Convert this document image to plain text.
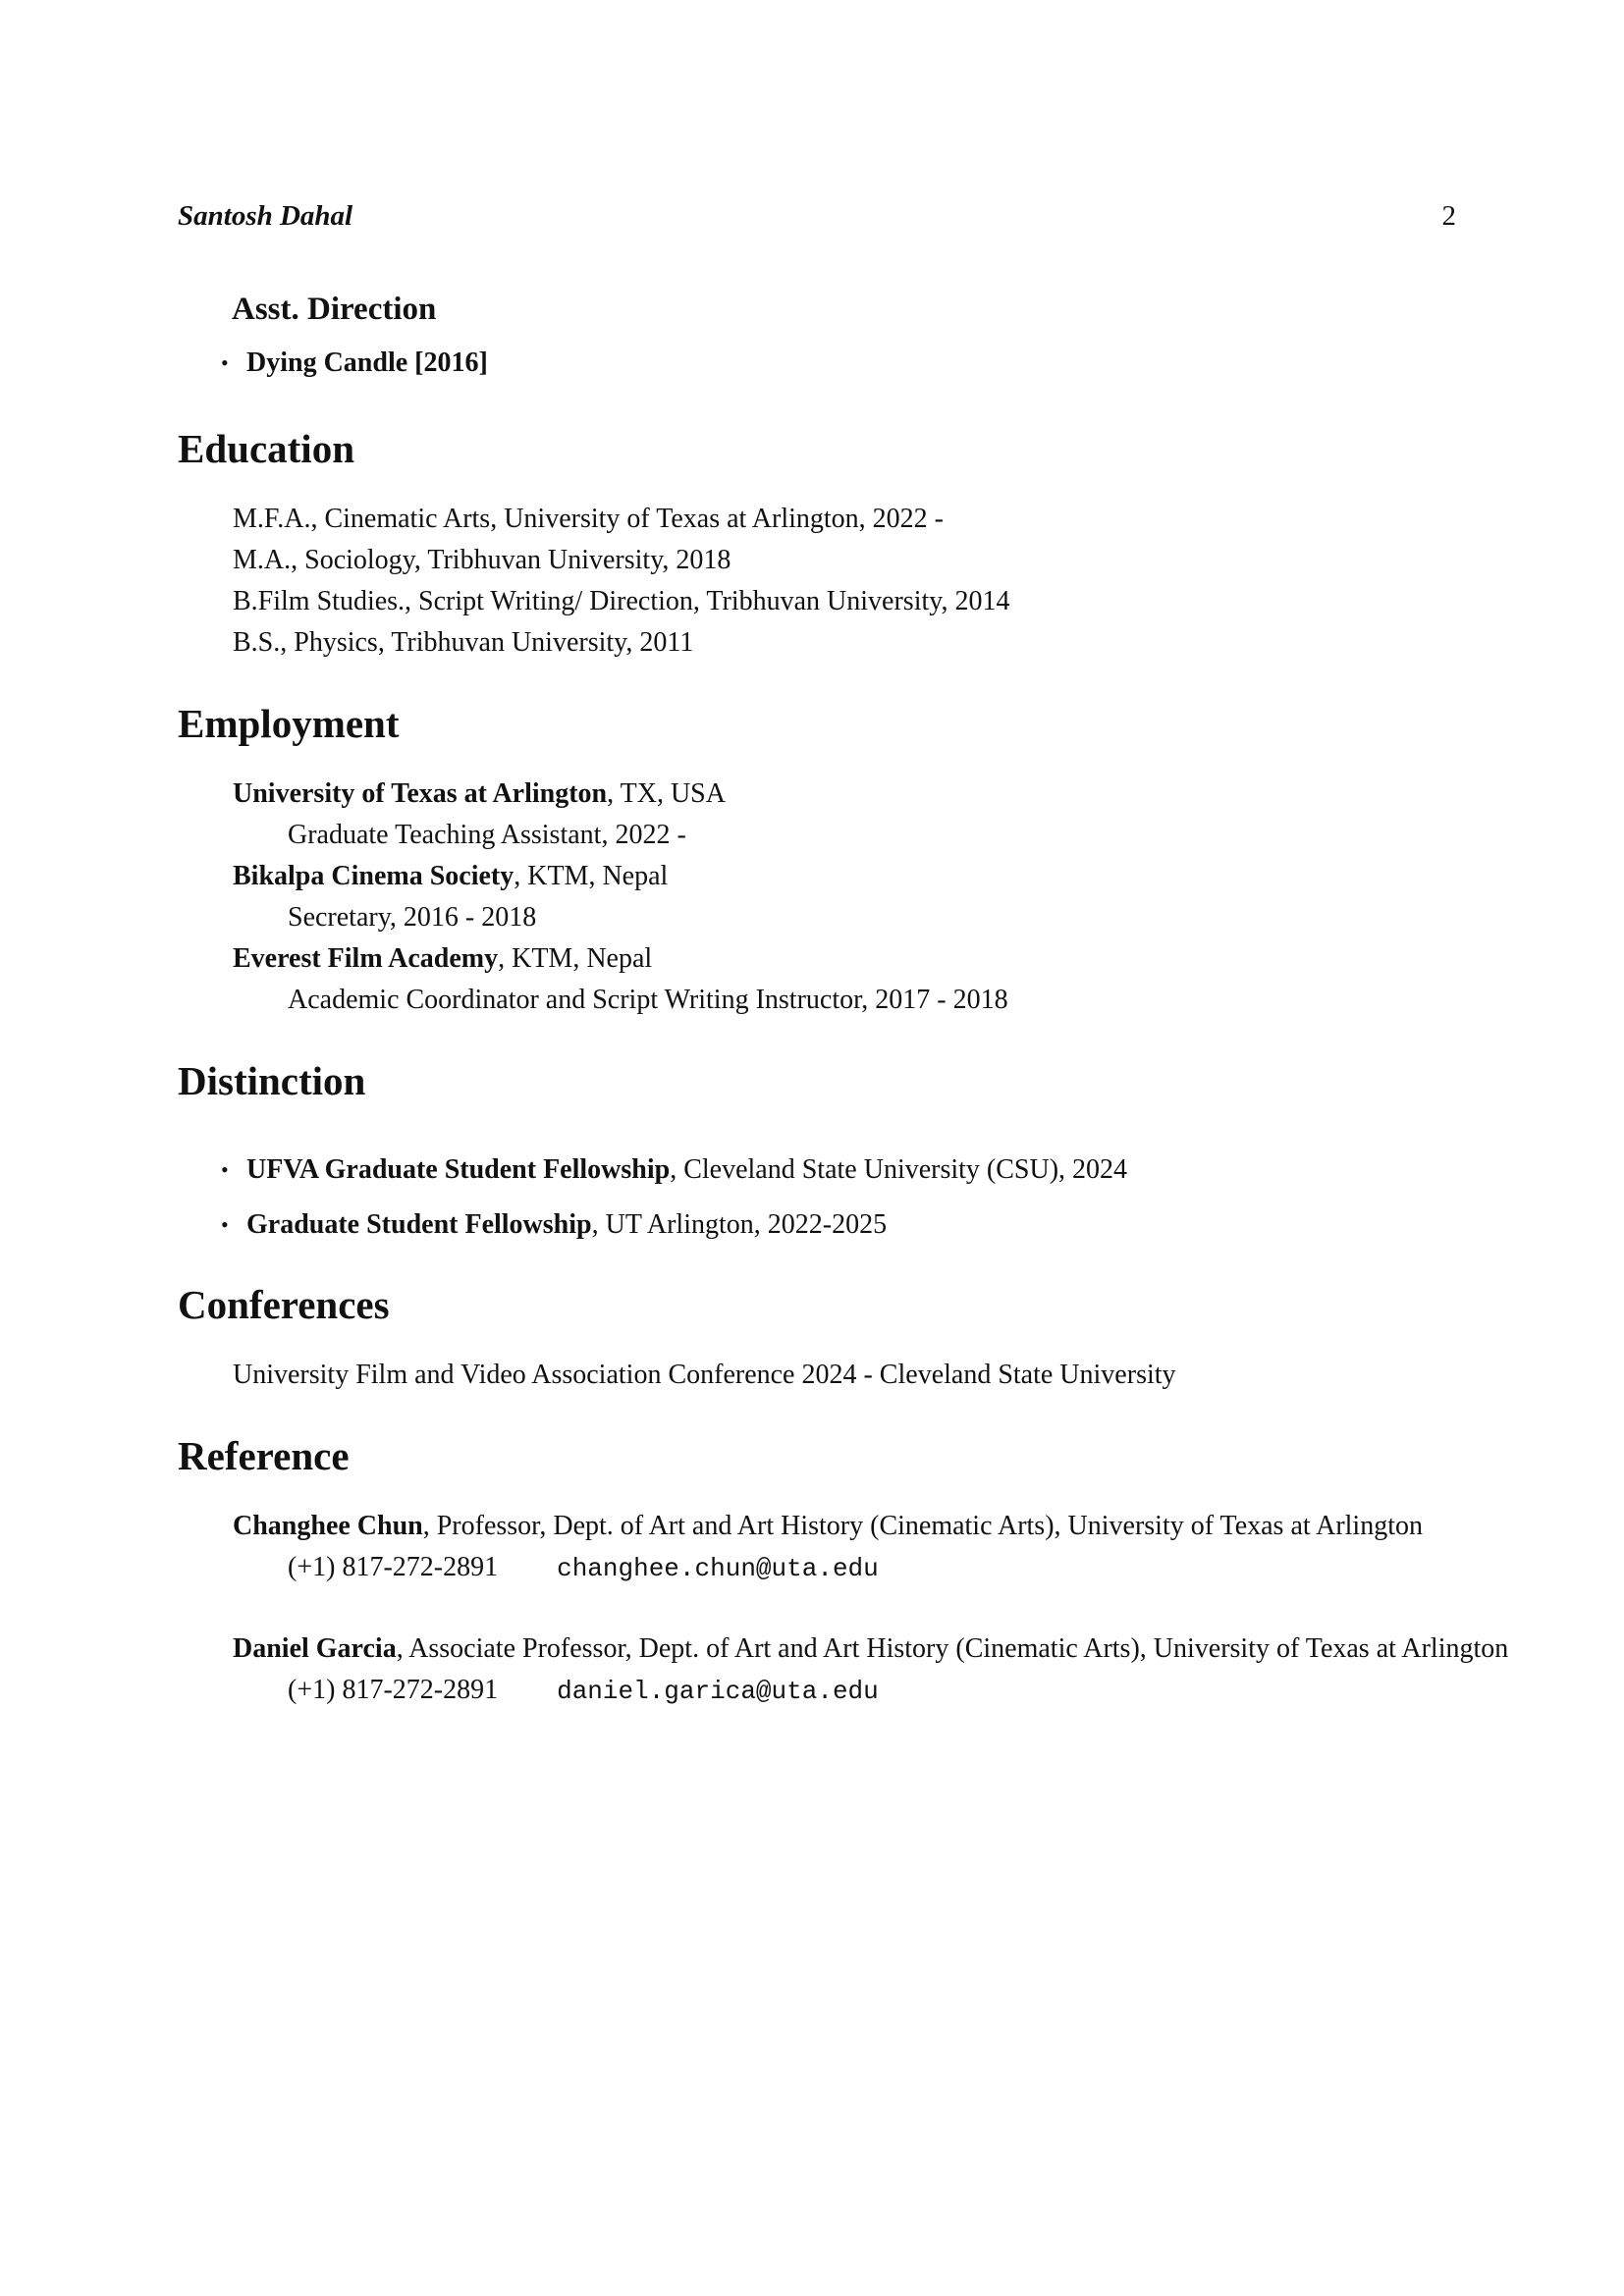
Santosh Dahal	2
Asst. Direction
• Dying Candle [2016]
Education
M.F.A., Cinematic Arts, University of Texas at Arlington, 2022 -
M.A., Sociology, Tribhuvan University, 2018
B.Film Studies., Script Writing/ Direction, Tribhuvan University, 2014
B.S., Physics, Tribhuvan University, 2011
Employment
University of Texas at Arlington, TX, USA
Graduate Teaching Assistant, 2022 -
Bikalpa Cinema Society, KTM, Nepal
Secretary, 2016 - 2018
Everest Film Academy, KTM, Nepal
Academic Coordinator and Script Writing Instructor, 2017 - 2018
Distinction
• UFVA Graduate Student Fellowship, Cleveland State University (CSU), 2024
• Graduate Student Fellowship, UT Arlington, 2022-2025
Conferences
University Film and Video Association Conference 2024 - Cleveland State University
Reference
Changhee Chun, Professor, Dept. of Art and Art History (Cinematic Arts), University of Texas at Arlington
(+1) 817-272-2891 changhee.chun@uta.edu
Daniel Garcia, Associate Professor, Dept. of Art and Art History (Cinematic Arts), University of Texas at Arlington
(+1) 817-272-2891 daniel.garica@uta.edu
